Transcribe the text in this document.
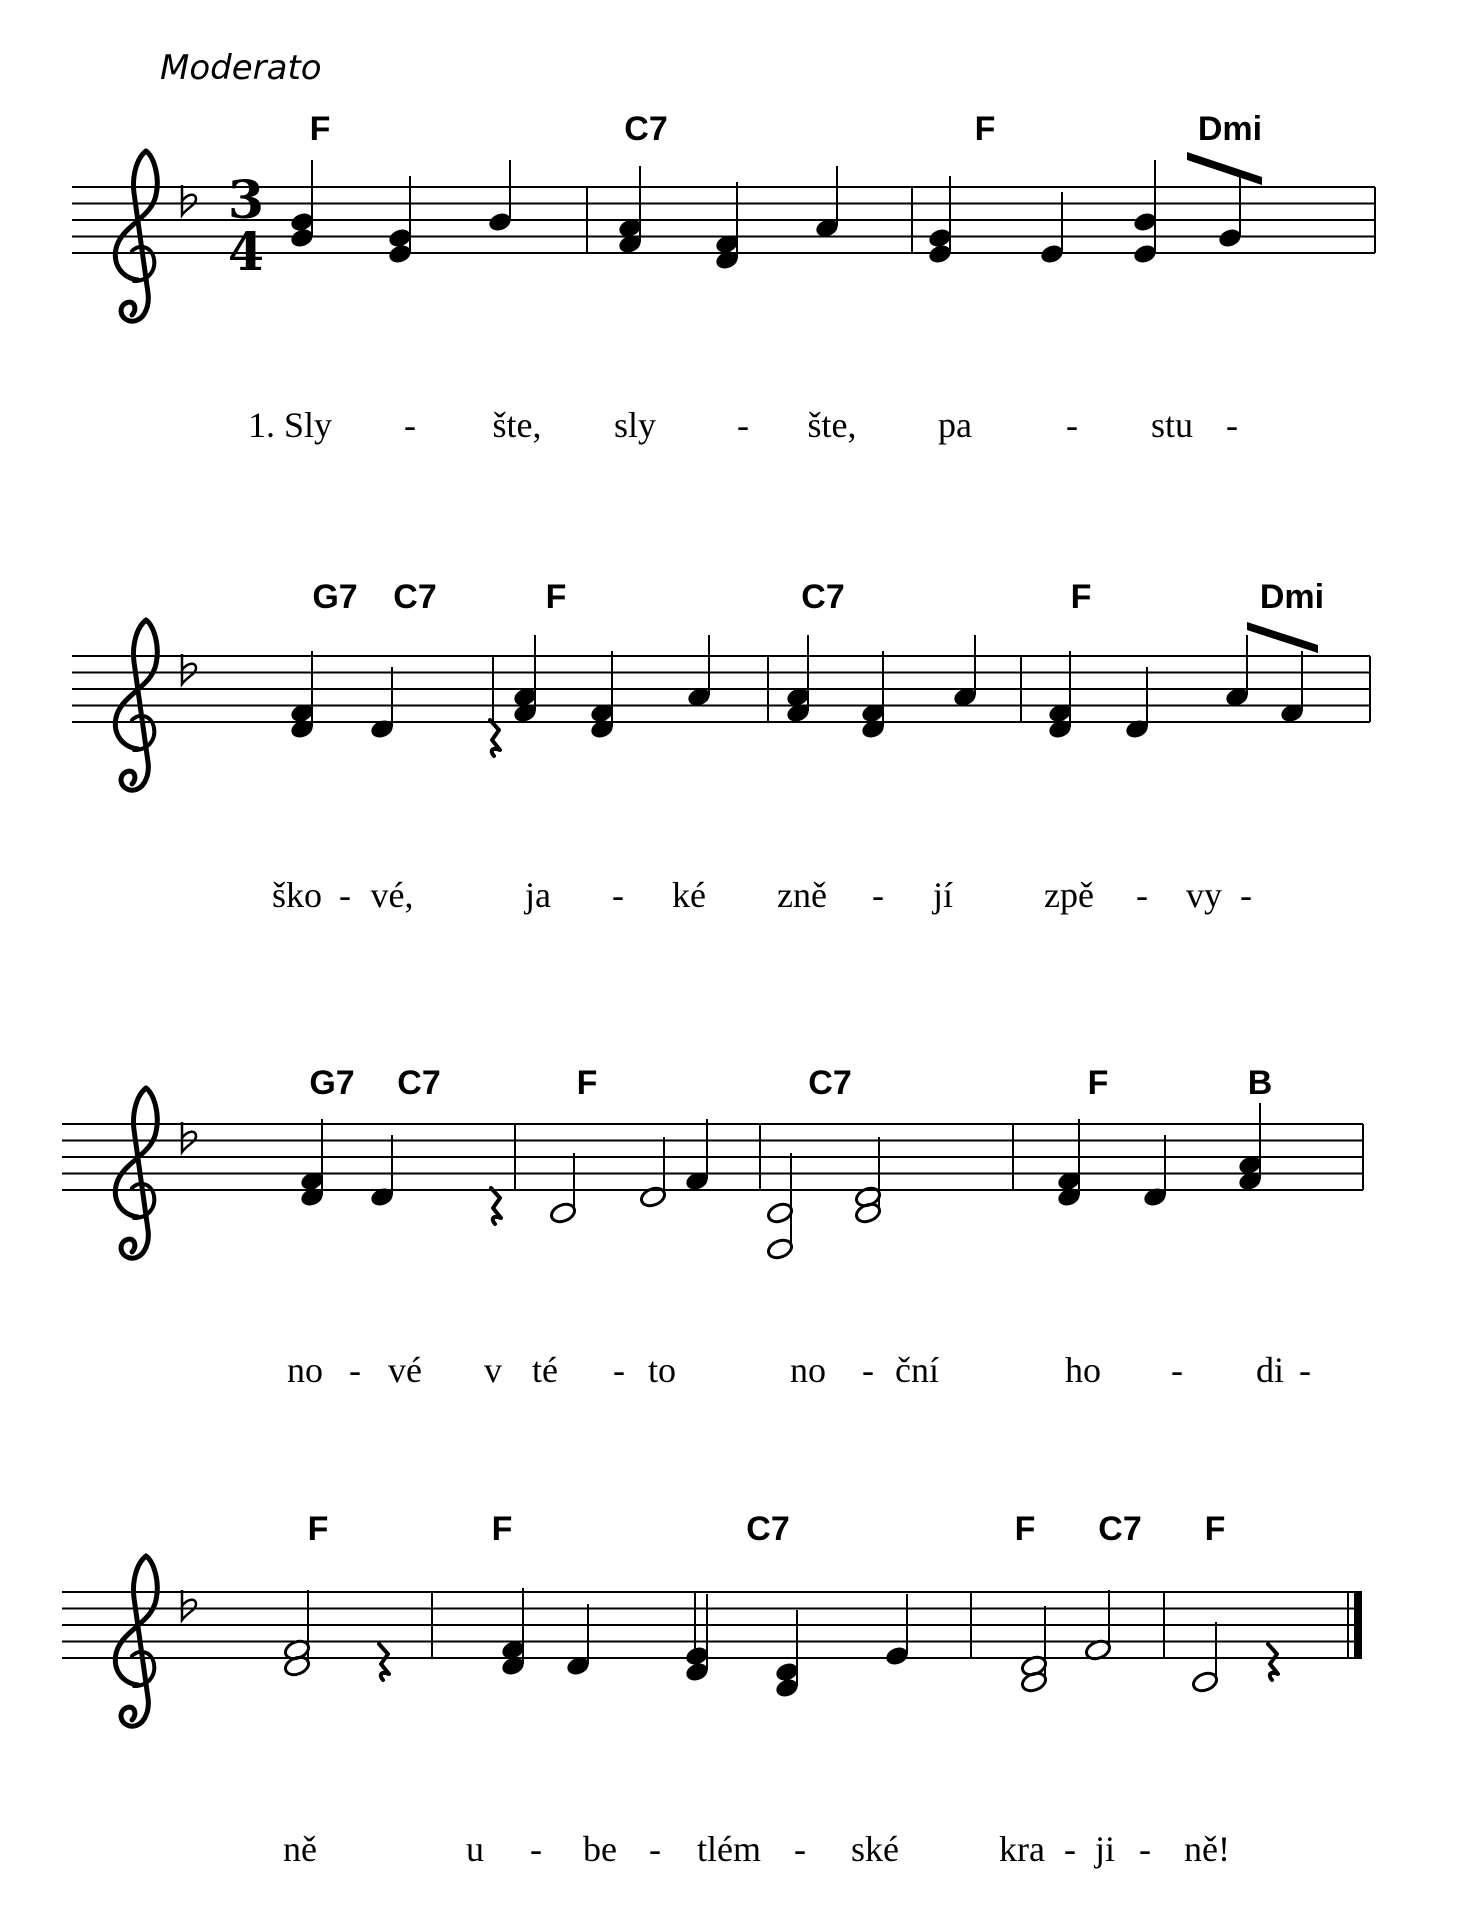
Moderato
3
4
F	C7	F	Dmi
G7 C7	F	C7	F	Dmi
G7 C7	F	C7	F	B
F	F	C7	F C7 F
1. Sly - šte, sly - šte, pa	- stu -
ško - vé,	ja - ké zně - jí	zpě - vy -
no - vé v té - to	no - ční	ho - di -
ně	u - be - tlém - ské	kra - ji - ně!
